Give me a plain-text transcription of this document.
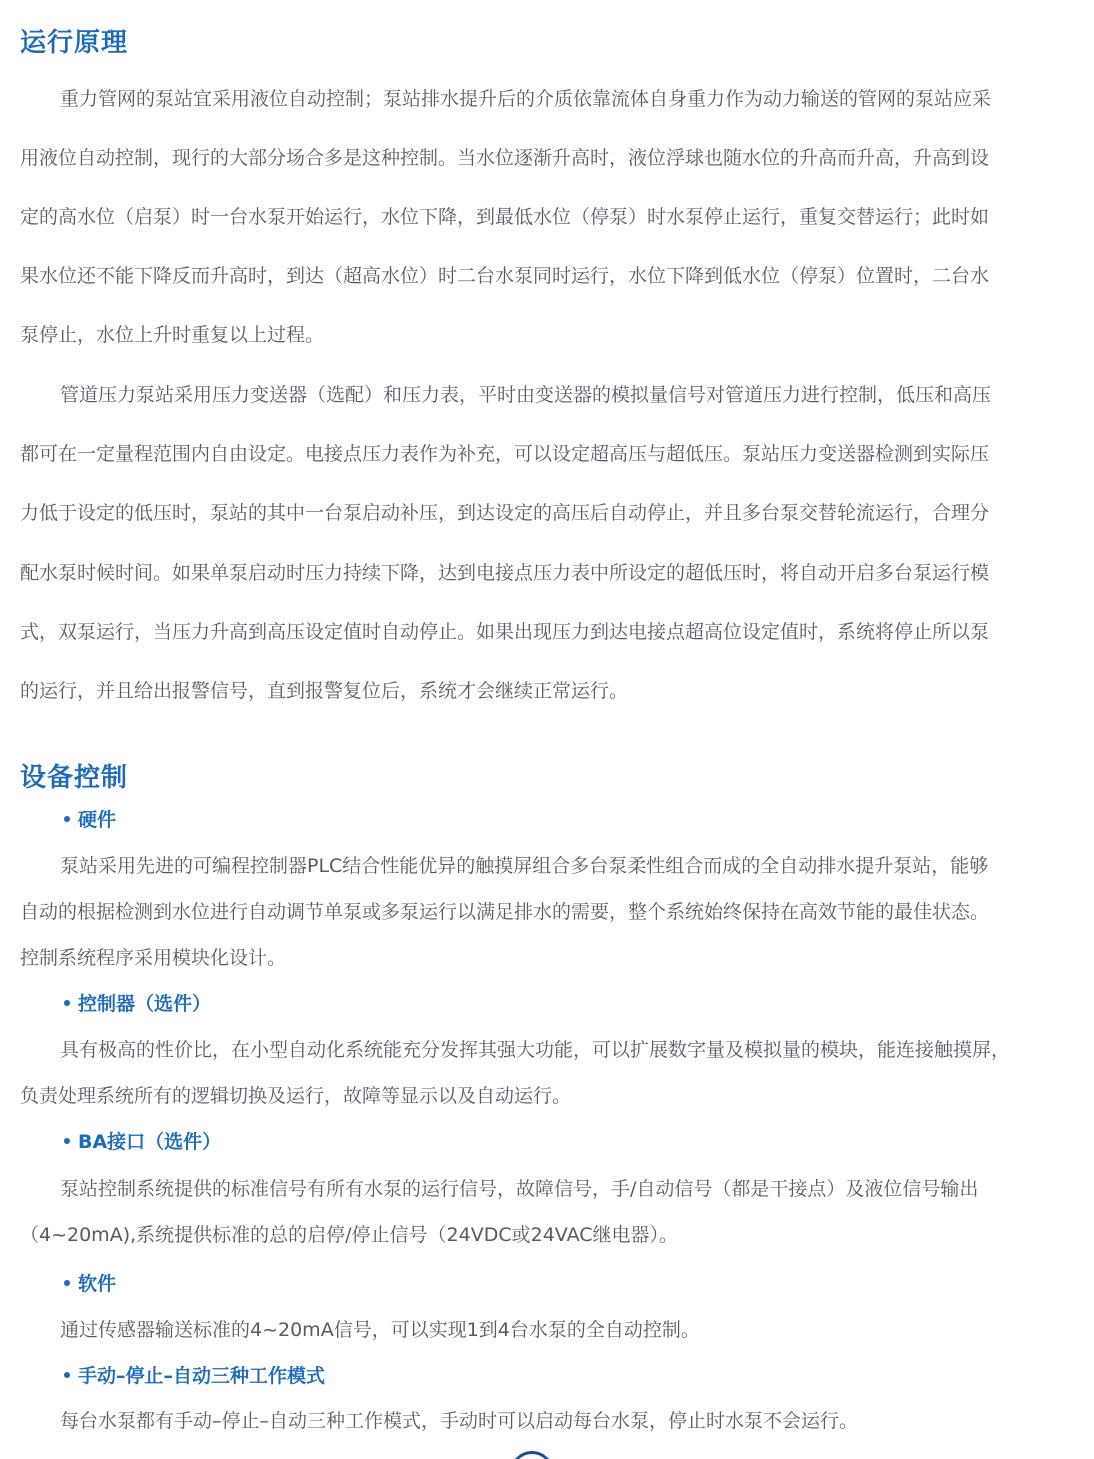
运行原理
重力管网的泵站宜采用液位自动控制；泵站排水提升后的介质依靠流体自身重力作为动力输送的管网的泵站应采
用液位自动控制，现行的大部分场合多是这种控制。当水位逐渐升高时，液位浮球也随水位的升高而升高，升高到设
定的高水位（启泵）时一台水泵开始运行，水位下降，到最低水位（停泵）时水泵停止运行，重复交替运行；此时如
果水位还不能下降反而升高时，到达（超高水位）时二台水泵同时运行，水位下降到低水位（停泵）位置时，二台水
泵停止，水位上升时重复以上过程。
管道压力泵站采用压力变送器（选配）和压力表，平时由变送器的模拟量信号对管道压力进行控制，低压和高压
都可在一定量程范围内自由设定。电接点压力表作为补充，可以设定超高压与超低压。泵站压力变送器检测到实际压
力低于设定的低压时，泵站的其中一台泵启动补压，到达设定的高压后自动停止，并且多台泵交替轮流运行，合理分
配水泵时候时间。如果单泵启动时压力持续下降，达到电接点压力表中所设定的超低压时，将自动开启多台泵运行模
式，双泵运行，当压力升高到高压设定值时自动停止。如果出现压力到达电接点超高位设定值时，系统将停止所以泵
的运行，并且给出报警信号，直到报警复位后，系统才会继续正常运行。
设备控制
硬件
泵站采用先进的可编程控制器PLC结合性能优异的触摸屏组合多台泵柔性组合而成的全自动排水提升泵站，能够
自动的根据检测到水位进行自动调节单泵或多泵运行以满足排水的需要，整个系统始终保持在高效节能的最佳状态。
控制系统程序采用模块化设计。
控制器（选件）
具有极高的性价比，在小型自动化系统能充分发挥其强大功能，可以扩展数字量及模拟量的模块，能连接触摸屏，
负责处理系统所有的逻辑切换及运行，故障等显示以及自动运行。
BA接口（选件）
泵站控制系统提供的标准信号有所有水泵的运行信号，故障信号，手/自动信号（都是干接点）及液位信号输出
（4~20mA),系统提供标准的总的启停/停止信号（24VDC或24VAC继电器）。
软件
通过传感器输送标准的4~20mA信号，可以实现1到4台水泵的全自动控制。
手动–停止–自动三种工作模式
每台水泵都有手动–停止–自动三种工作模式，手动时可以启动每台水泵，停止时水泵不会运行。
